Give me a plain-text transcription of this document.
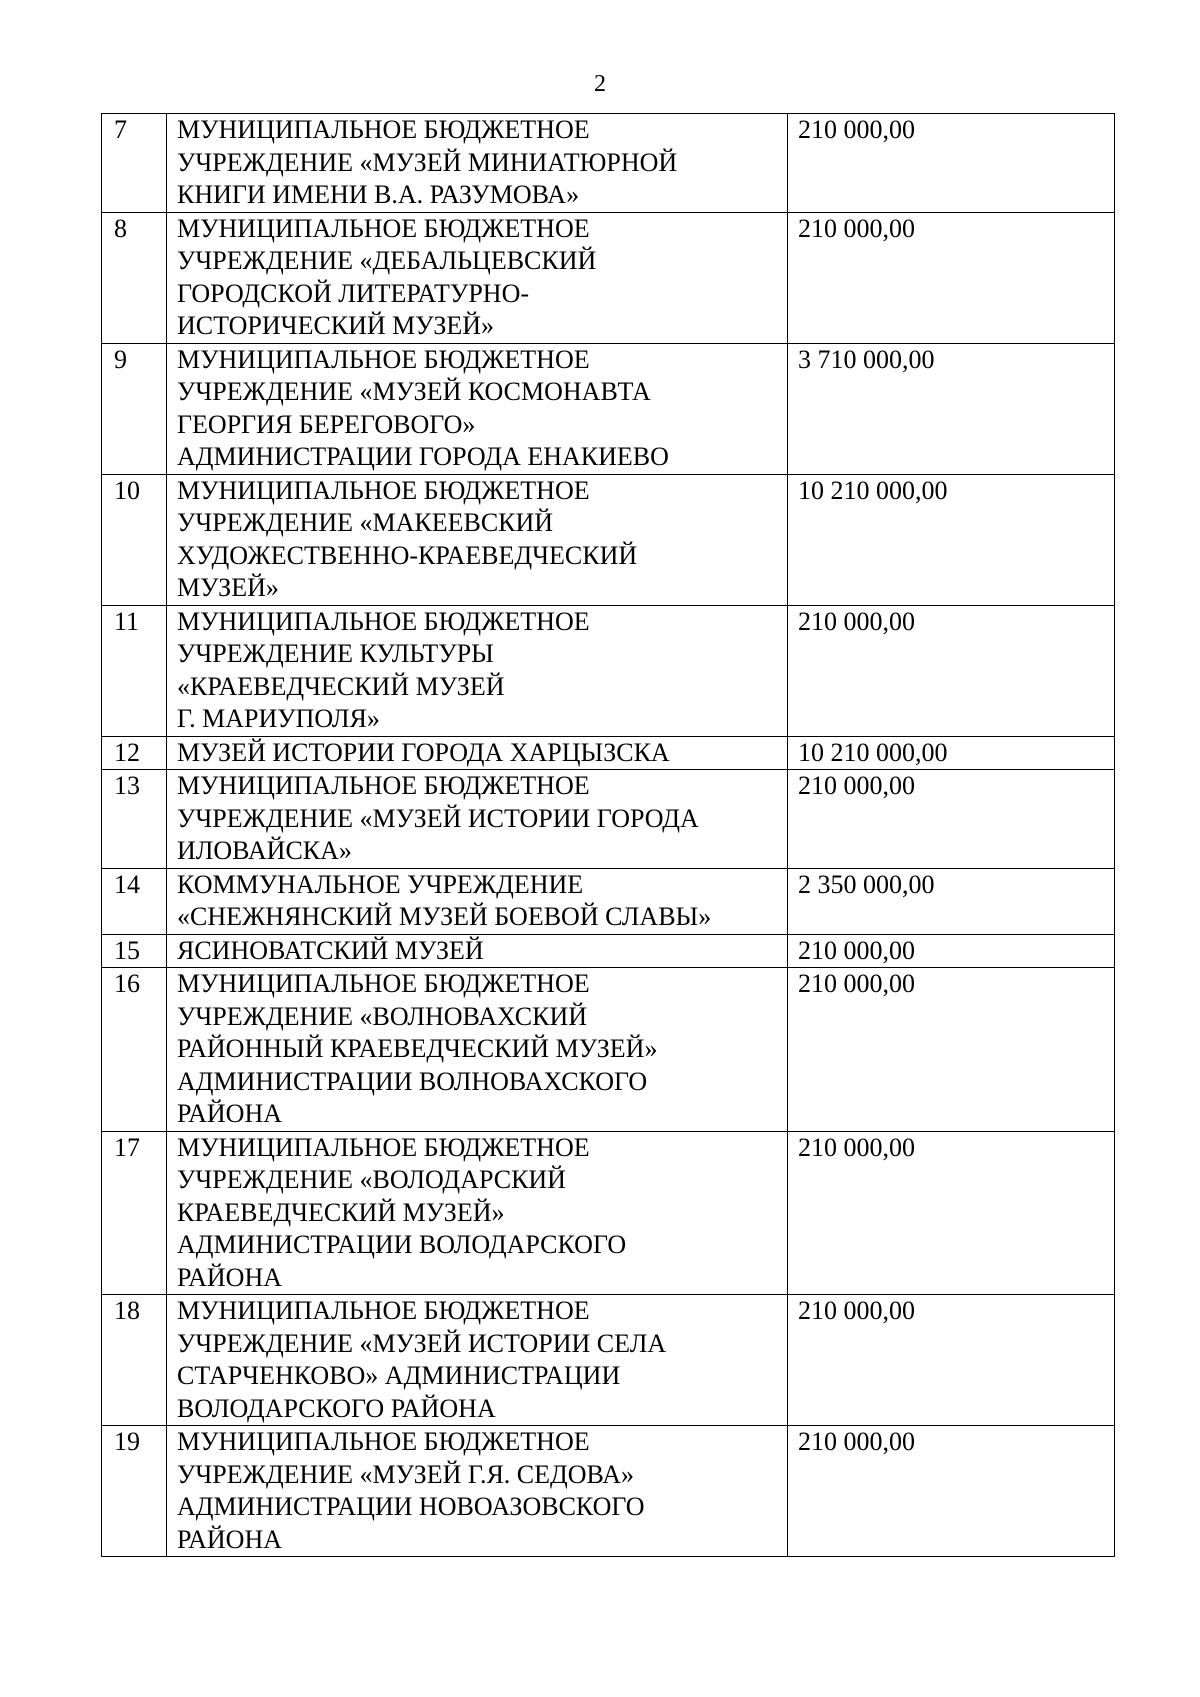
2
7	МУНИЦИПАЛЬНОЕ БЮДЖЕТНОЕ
УЧРЕЖДЕНИЕ «МУЗЕЙ МИНИАТЮРНОЙ
КНИГИ ИМЕНИ В.А. РАЗУМОВА»	210 000,00
8	МУНИЦИПАЛЬНОЕ БЮДЖЕТНОЕ
УЧРЕЖДЕНИЕ «ДЕБАЛЬЦЕВСКИЙ
ГОРОДСКОЙ ЛИТЕРАТУРНО-
ИСТОРИЧЕСКИЙ МУЗЕЙ»	210 000,00
9	МУНИЦИПАЛЬНОЕ БЮДЖЕТНОЕ
УЧРЕЖДЕНИЕ «МУЗЕЙ КОСМОНАВТА
ГЕОРГИЯ БЕРЕГОВОГО»
АДМИНИСТРАЦИИ ГОРОДА ЕНАКИЕВО	3 710 000,00
10	МУНИЦИПАЛЬНОЕ БЮДЖЕТНОЕ
УЧРЕЖДЕНИЕ «МАКЕЕВСКИЙ
ХУДОЖЕСТВЕННО-КРАЕВЕДЧЕСКИЙ
МУЗЕЙ»	10 210 000,00
11	МУНИЦИПАЛЬНОЕ БЮДЖЕТНОЕ
УЧРЕЖДЕНИЕ КУЛЬТУРЫ
«КРАЕВЕДЧЕСКИЙ МУЗЕЙ
Г. МАРИУПОЛЯ»	210 000,00
12	МУЗЕЙ ИСТОРИИ ГОРОДА ХАРЦЫЗСКА	10 210 000,00
13	МУНИЦИПАЛЬНОЕ БЮДЖЕТНОЕ
УЧРЕЖДЕНИЕ «МУЗЕЙ ИСТОРИИ ГОРОДА
ИЛОВАЙСКА»	210 000,00
14	КОММУНАЛЬНОЕ УЧРЕЖДЕНИЕ
«СНЕЖНЯНСКИЙ МУЗЕЙ БОЕВОЙ СЛАВЫ»	2 350 000,00
15	ЯСИНОВАТСКИЙ МУЗЕЙ	210 000,00
16	МУНИЦИПАЛЬНОЕ БЮДЖЕТНОЕ
УЧРЕЖДЕНИЕ «ВОЛНОВАХСКИЙ
РАЙОННЫЙ КРАЕВЕДЧЕСКИЙ МУЗЕЙ»
АДМИНИСТРАЦИИ ВОЛНОВАХСКОГО
РАЙОНА	210 000,00
17	МУНИЦИПАЛЬНОЕ БЮДЖЕТНОЕ
УЧРЕЖДЕНИЕ «ВОЛОДАРСКИЙ
КРАЕВЕДЧЕСКИЙ МУЗЕЙ»
АДМИНИСТРАЦИИ ВОЛОДАРСКОГО
РАЙОНА	210 000,00
18	МУНИЦИПАЛЬНОЕ БЮДЖЕТНОЕ
УЧРЕЖДЕНИЕ «МУЗЕЙ ИСТОРИИ СЕЛА
СТАРЧЕНКОВО» АДМИНИСТРАЦИИ
ВОЛОДАРСКОГО РАЙОНА	210 000,00
19	МУНИЦИПАЛЬНОЕ БЮДЖЕТНОЕ
УЧРЕЖДЕНИЕ «МУЗЕЙ Г.Я. СЕДОВА»
АДМИНИСТРАЦИИ НОВОАЗОВСКОГО
РАЙОНА	210 000,00
